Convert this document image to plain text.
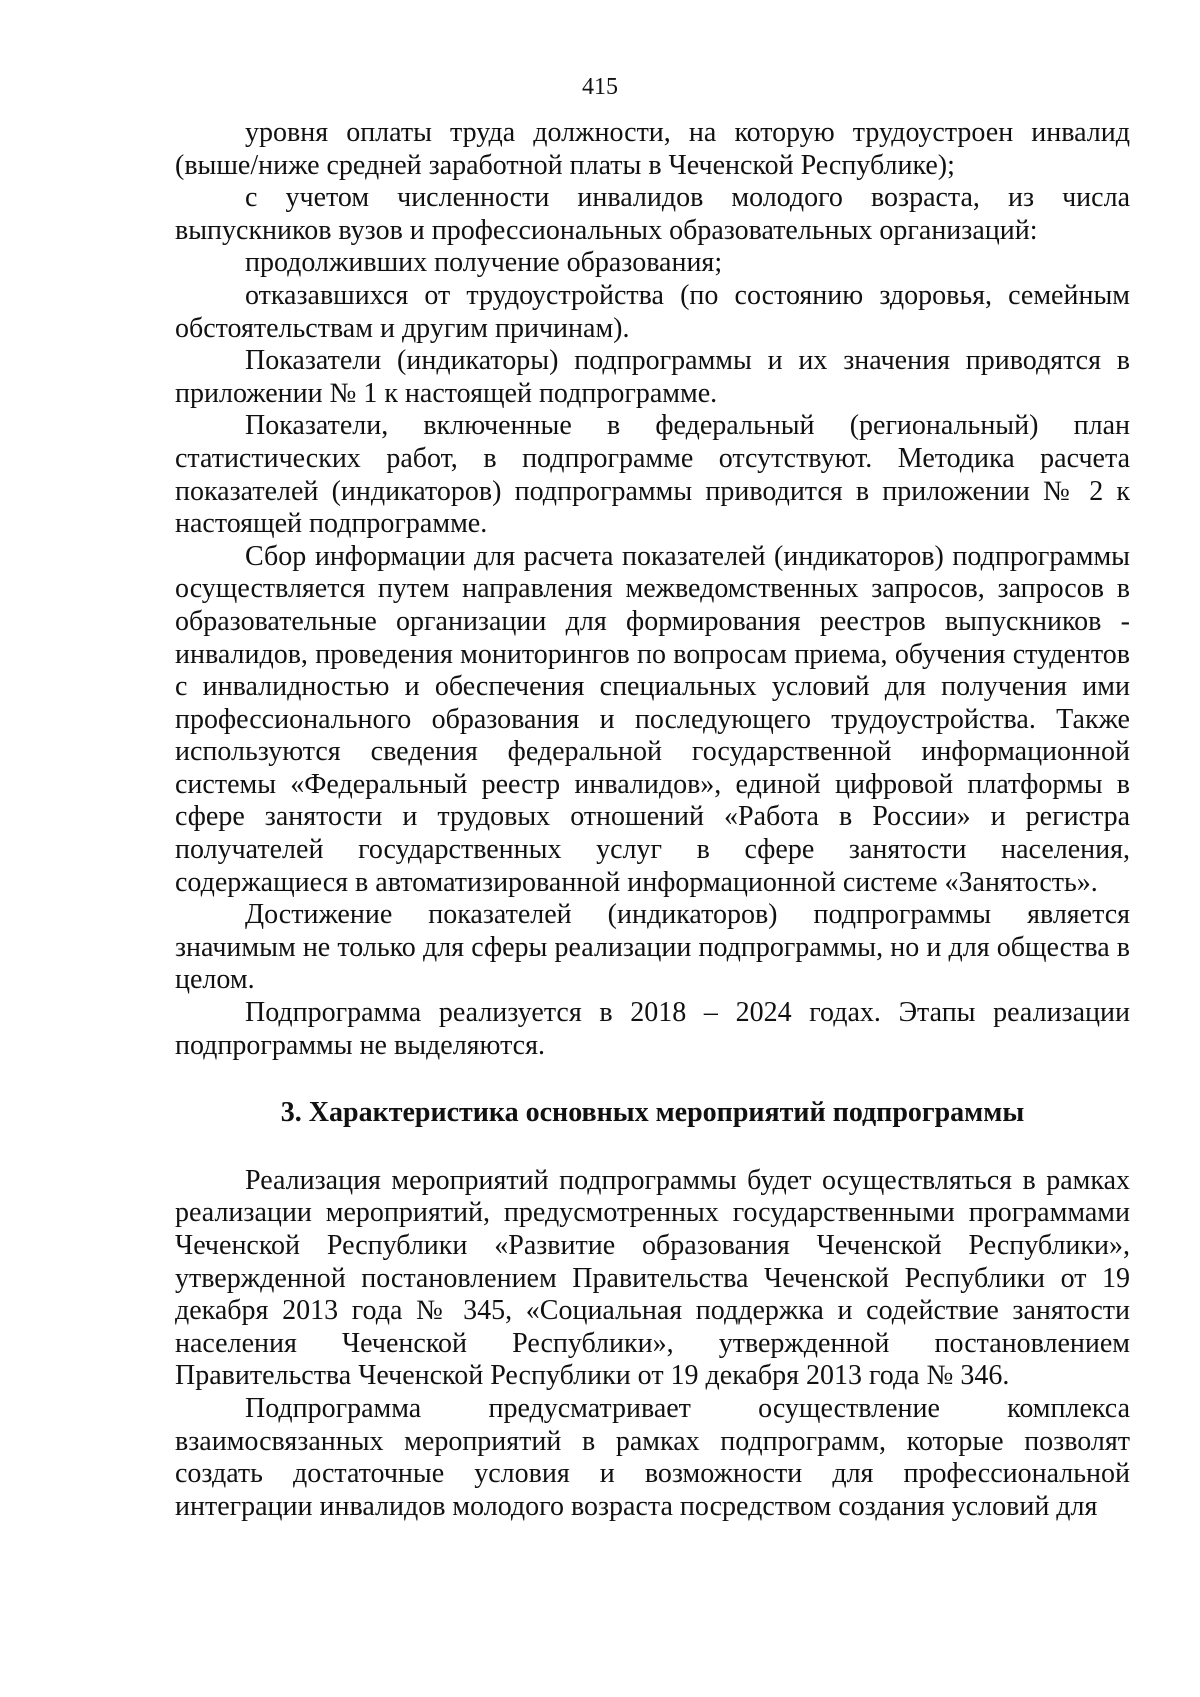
415

уровня оплаты труда должности, на которую трудоустроен инвалид (выше/ниже средней заработной платы в Чеченской Республике);

с учетом численности инвалидов молодого возраста, из числа выпускников вузов и профессиональных образовательных организаций:

продолживших получение образования;

отказавшихся от трудоустройства (по состоянию здоровья, семейным обстоятельствам и другим причинам).

Показатели (индикаторы) подпрограммы и их значения приводятся в приложении № 1 к настоящей подпрограмме.

Показатели, включенные в федеральный (региональный) план статистических работ, в подпрограмме отсутствуют. Методика расчета показателей (индикаторов) подпрограммы приводится в приложении № 2 к настоящей подпрограмме.

Сбор информации для расчета показателей (индикаторов) подпрограммы осуществляется путем направления межведомственных запросов, запросов в образовательные организации для формирования реестров выпускников - инвалидов, проведения мониторингов по вопросам приема, обучения студентов с инвалидностью и обеспечения специальных условий для получения ими профессионального образования и последующего трудоустройства. Также используются сведения федеральной государственной информационной системы «Федеральный реестр инвалидов», единой цифровой платформы в сфере занятости и трудовых отношений «Работа в России» и регистра получателей государственных услуг в сфере занятости населения, содержащиеся в автоматизированной информационной системе «Занятость».

Достижение показателей (индикаторов) подпрограммы является значимым не только для сферы реализации подпрограммы, но и для общества в целом.

Подпрограмма реализуется в 2018 – 2024 годах. Этапы реализации подпрограммы не выделяются.

3. Характеристика основных мероприятий подпрограммы

Реализация мероприятий подпрограммы будет осуществляться в рамках реализации мероприятий, предусмотренных государственными программами Чеченской Республики «Развитие образования Чеченской Республики», утвержденной постановлением Правительства Чеченской Республики от 19 декабря 2013 года № 345, «Социальная поддержка и содействие занятости населения Чеченской Республики», утвержденной постановлением Правительства Чеченской Республики от 19 декабря 2013 года № 346.

Подпрограмма предусматривает осуществление комплекса взаимосвязанных мероприятий в рамках подпрограмм, которые позволят создать достаточные условия и возможности для профессиональной интеграции инвалидов молодого возраста посредством создания условий для
